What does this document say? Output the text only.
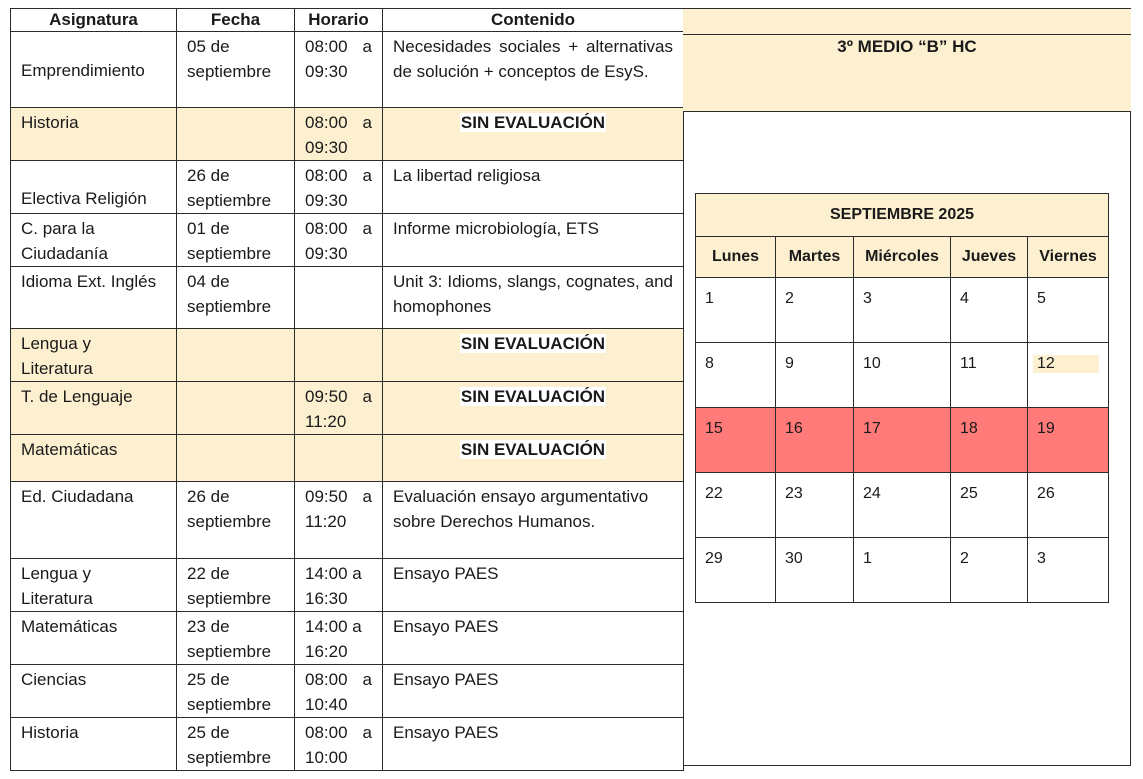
Asignatura	Fecha	Horario	Contenido
Emprendimiento	05 de septiembre	08:00 a 09:30	Necesidades sociales + alternativas de solución + conceptos de EsyS.
Historia		08:00 a 09:30	SIN EVALUACIÓN
Electiva Religión	26 de septiembre	08:00 a 09:30	La libertad religiosa
C. para la Ciudadanía	01 de septiembre	08:00 a 09:30	Informe microbiología, ETS
Idioma Ext. Inglés	04 de septiembre		Unit 3: Idioms, slangs, cognates, and homophones
Lengua y Literatura			SIN EVALUACIÓN
T. de Lenguaje		09:50 a 11:20	SIN EVALUACIÓN
Matemáticas			SIN EVALUACIÓN
Ed. Ciudadana	26 de septiembre	09:50 a 11:20	Evaluación ensayo argumentativo sobre Derechos Humanos.
Lengua y Literatura	22 de septiembre	14:00 a 16:30	Ensayo PAES
Matemáticas	23 de septiembre	14:00 a 16:20	Ensayo PAES
Ciencias	25 de septiembre	08:00 a 10:40	Ensayo PAES
Historia	25 de septiembre	08:00 a 10:00	Ensayo PAES
3º MEDIO “B” HC
SEPTIEMBRE 2025				
Lunes	Martes	Miércoles	Jueves	Viernes
1	2	3	4	5
8	9	10	11	12
15	16	17	18	19
22	23	24	25	26
29	30	1	2	3
